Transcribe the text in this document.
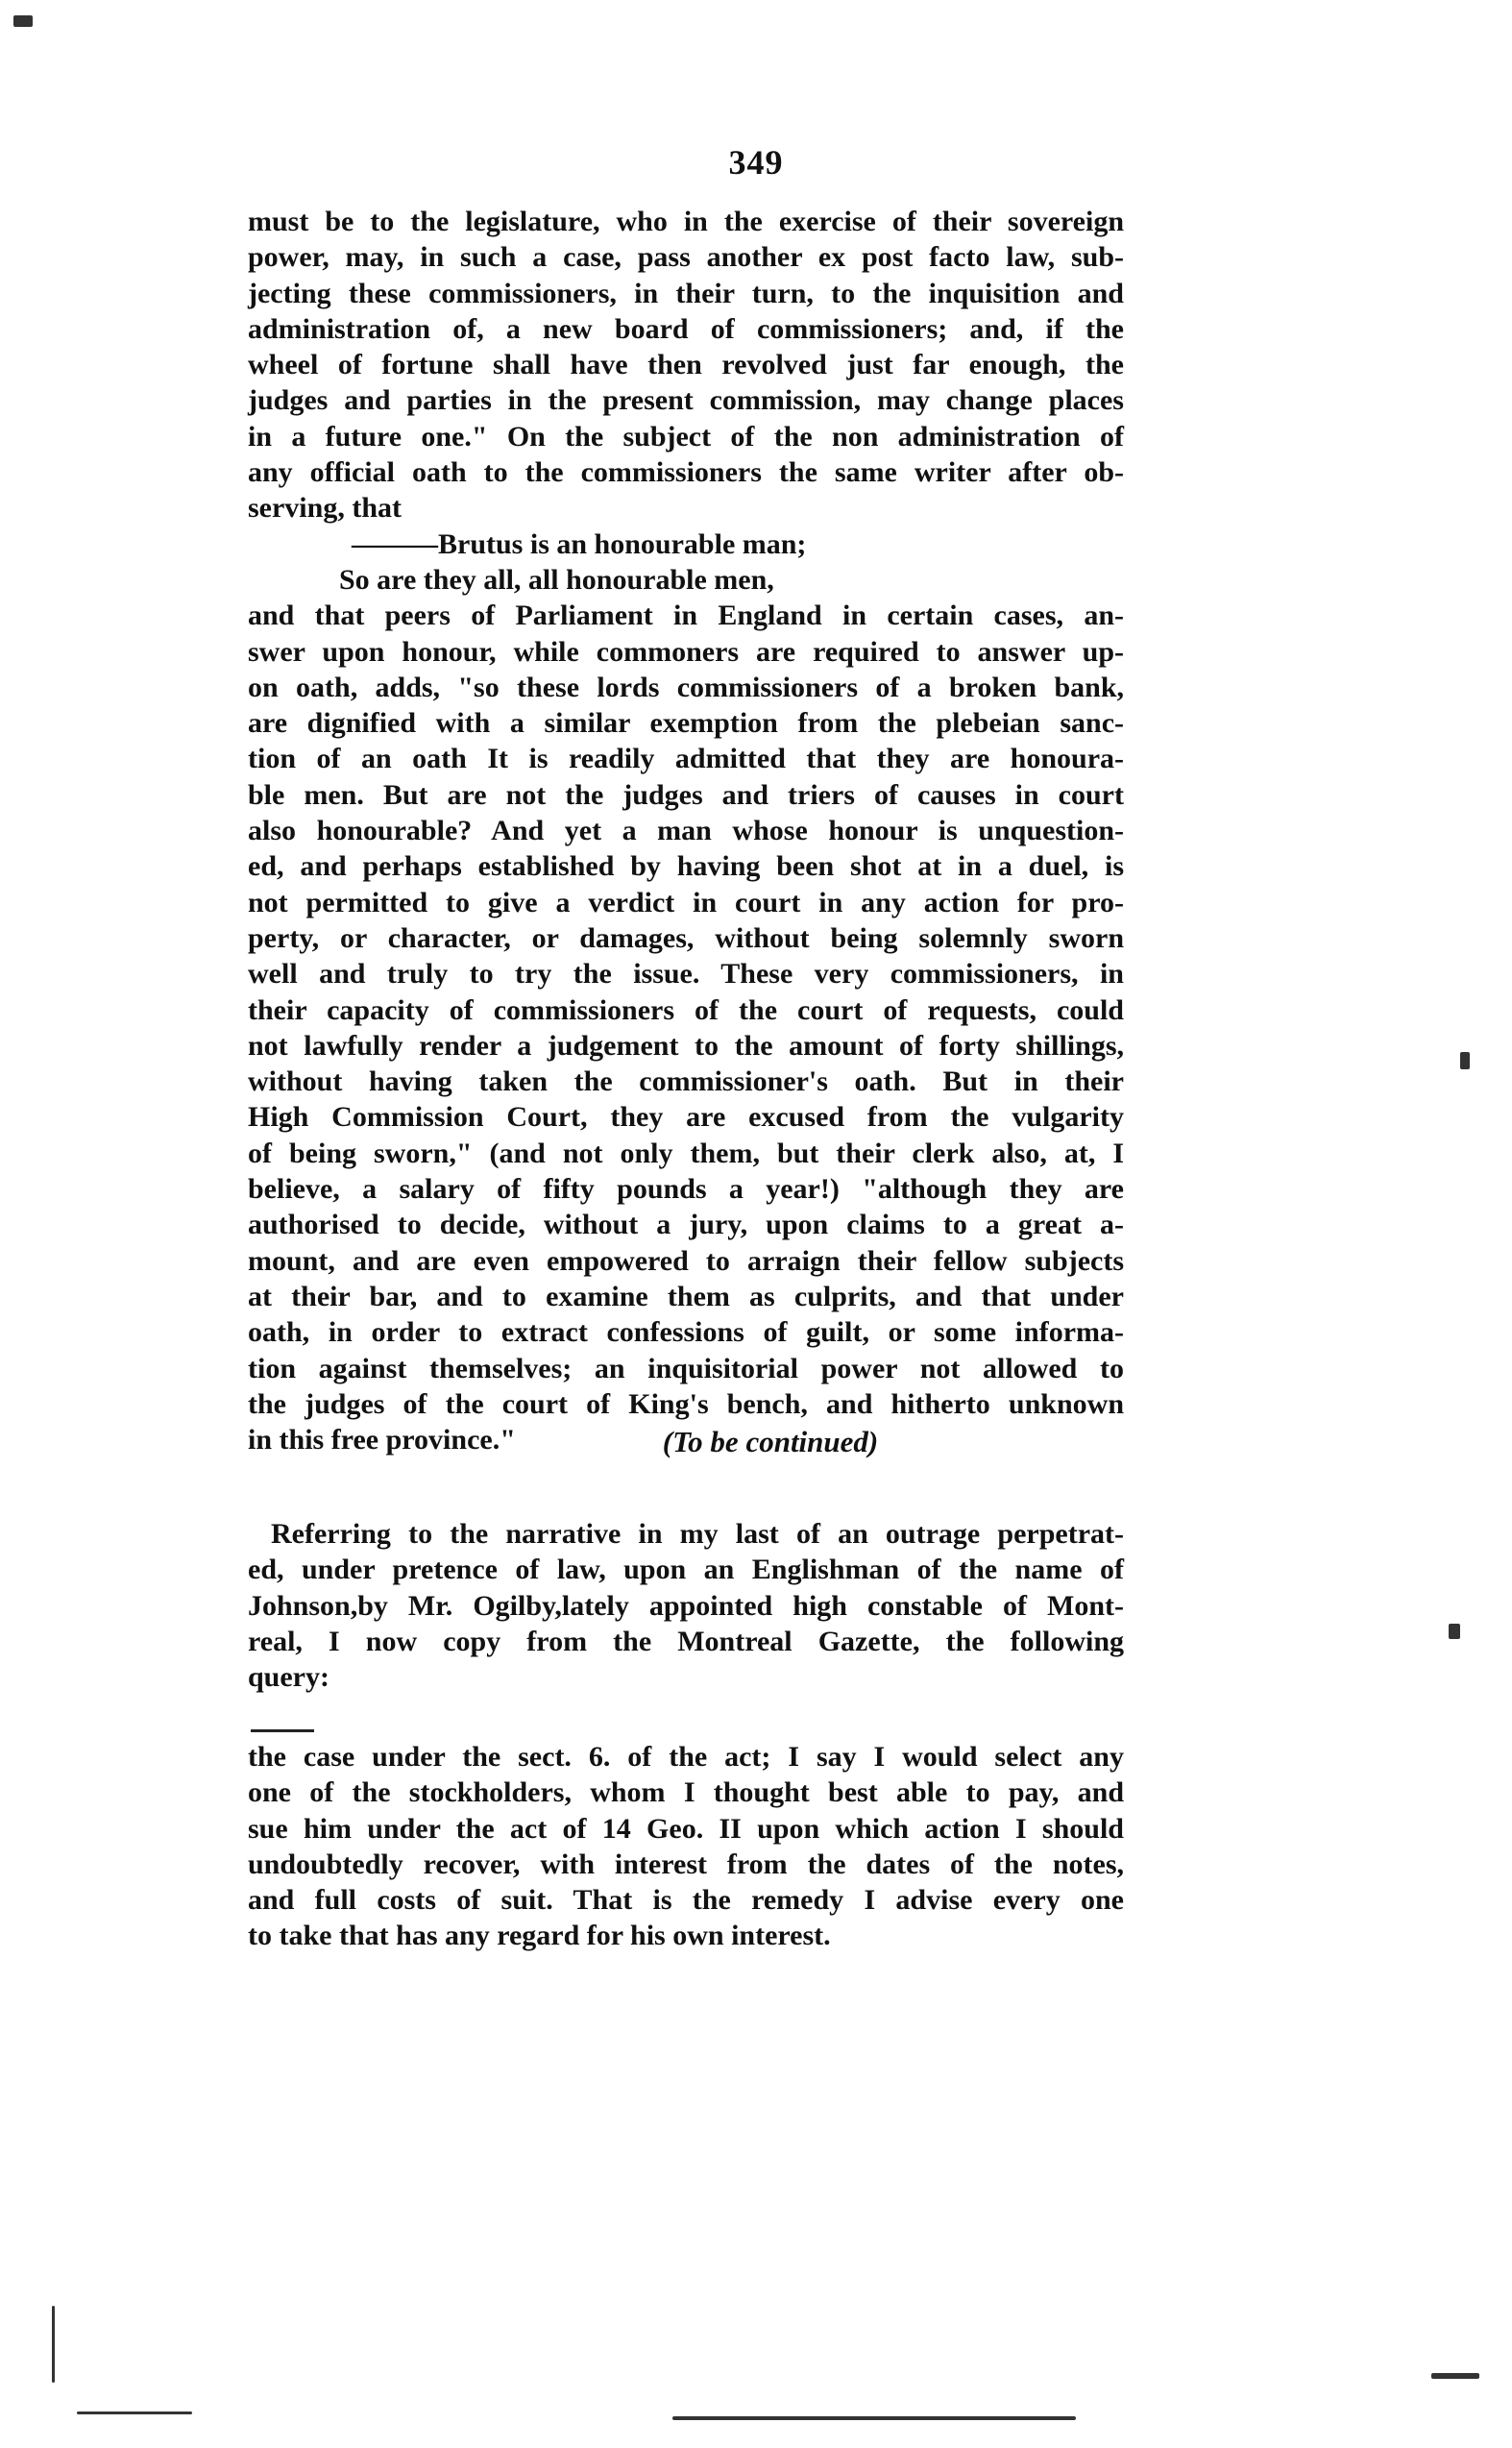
349
must be to the legislature, who in the exercise of their sovereign
power, may, in such a case, pass another ex post facto law, sub-
jecting these commissioners, in their turn, to the inquisition and
administration of, a new board of commissioners; and, if the
wheel of fortune shall have then revolved just far enough, the
judges and parties in the present commission, may change places
in a future one." On the subject of the non administration of
any official oath to the commissioners the same writer after ob-
serving, that
———Brutus is an honourable man;
So are they all, all honourable men,
and that peers of Parliament in England in certain cases, an-
swer upon honour, while commoners are required to answer up-
on oath, adds, "so these lords commissioners of a broken bank,
are dignified with a similar exemption from the plebeian sanc-
tion of an oath It is readily admitted that they are honoura-
ble men. But are not the judges and triers of causes in court
also honourable? And yet a man whose honour is unquestion-
ed, and perhaps established by having been shot at in a duel, is
not permitted to give a verdict in court in any action for pro-
perty, or character, or damages, without being solemnly sworn
well and truly to try the issue. These very commissioners, in
their capacity of commissioners of the court of requests, could
not lawfully render a judgement to the amount of forty shillings,
without having taken the commissioner's oath. But in their
High Commission Court, they are excused from the vulgarity
of being sworn," (and not only them, but their clerk also, at, I
believe, a salary of fifty pounds a year!) "although they are
authorised to decide, without a jury, upon claims to a great a-
mount, and are even empowered to arraign their fellow subjects
at their bar, and to examine them as culprits, and that under
oath, in order to extract confessions of guilt, or some informa-
tion against themselves; an inquisitorial power not allowed to
the judges of the court of King's bench, and hitherto unknown
in this free province."	(To be continued)
Referring to the narrative in my last of an outrage perpetrat-
ed, under pretence of law, upon an Englishman of the name of
Johnson,by Mr. Ogilby,lately appointed high constable of Mont-
real, I now copy from the Montreal Gazette, the following
query:
the case under the sect. 6. of the act; I say I would select any
one of the stockholders, whom I thought best able to pay, and
sue him under the act of 14 Geo. II upon which action I should
undoubtedly recover, with interest from the dates of the notes,
and full costs of suit. That is the remedy I advise every one
to take that has any regard for his own interest.
